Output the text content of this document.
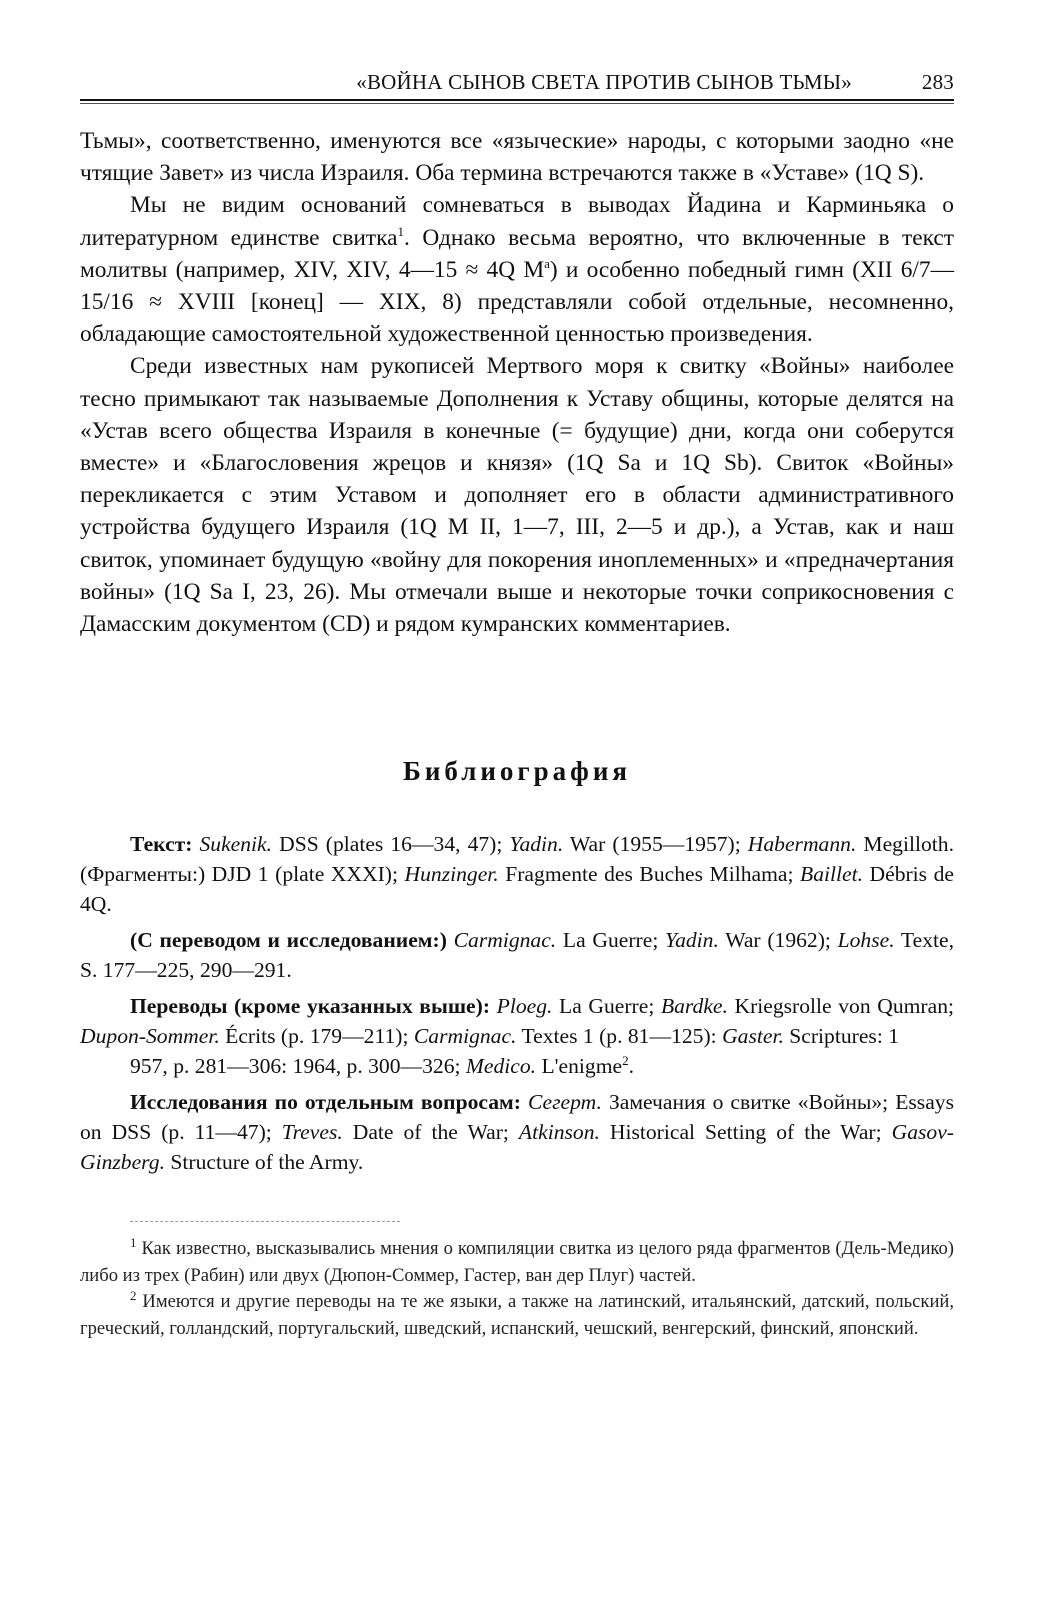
«ВОЙНА СЫНОВ СВЕТА ПРОТИВ СЫНОВ ТЬМЫ»	283

Тьмы», соответственно, именуются все «языческие» народы, с которыми заодно «не чтящие Завет» из числа Израиля. Оба термина встречаются также в «Уставе» (1Q S).

Мы не видим оснований сомневаться в выводах Йадина и Карминьяка о литературном единстве свитка$^1$. Однако весьма вероятно, что включенные в текст молитвы (например, XIV, XIV, 4—15 ≈ 4Q $M^a$) и особенно победный гимн (XII 6/7—15/16 ≈ XVIII [конец] — XIX, 8) представляли собой отдельные, несомненно, обладающие самостоятельной художественной ценностью произведения.

Среди известных нам рукописей Мертвого моря к свитку «Войны» наиболее тесно примыкают так называемые Дополнения к Уставу общины, которые делятся на «Устав всего общества Израиля в конечные (= будущие) дни, когда они соберутся вместе» и «Благословения жрецов и князя» (1Q Sa и 1Q Sb). Свиток «Войны» перекликается с этим Уставом и дополняет его в области административного устройства будущего Израиля (1Q M II, 1—7, III, 2—5 и др.), а Устав, как и наш свиток, упоминает будущую «войну для покорения иноплеменных» и «предначертания войны» (1Q Sa I, 23, 26). Мы отмечали выше и некоторые точки соприкосновения с Дамасским документом (CD) и рядом кумранских комментариев.

Библиография

Текст: Sukenik. DSS (plates 16—34, 47); Yadin. War (1955—1957); Habermann. Megilloth. (Фрагменты:) DJD 1 (plate XXXI); Hunzinger. Fragmente des Buches Milhama; Baillet. Débris de 4Q.

(С переводом и исследованием:) Carmignac. La Guerre; Yadin. War (1962); Lohse. Texte, S. 177—225, 290—291.

Переводы (кроме указанных выше): Ploeg. La Guerre; Bardke. Kriegsrolle von Qumran; Dupon-Sommer. Écrits (p. 179—211); Carmignac. Textes 1 (p. 81—125): Gaster. Scriptures: 1

957, p. 281—306: 1964, p. 300—326; Medico. L'enigme$^2$.

Исследования по отдельным вопросам: Сегерт. Замечания о свитке «Войны»; Essays on DSS (p. 11—47); Treves. Date of the War; Atkinson. Historical Setting of the War; Gasov-Ginzberg. Structure of the Army.

$^1$ Как известно, высказывались мнения о компиляции свитка из целого ряда фрагментов (Дель-Медико) либо из трех (Рабин) или двух (Дюпон-Соммер, Гастер, ван дер Плуг) частей.

$^2$ Имеются и другие переводы на те же языки, а также на латинский, итальянский, датский, польский, греческий, голландский, португальский, шведский, испанский, чешский, венгерский, финский, японский.
